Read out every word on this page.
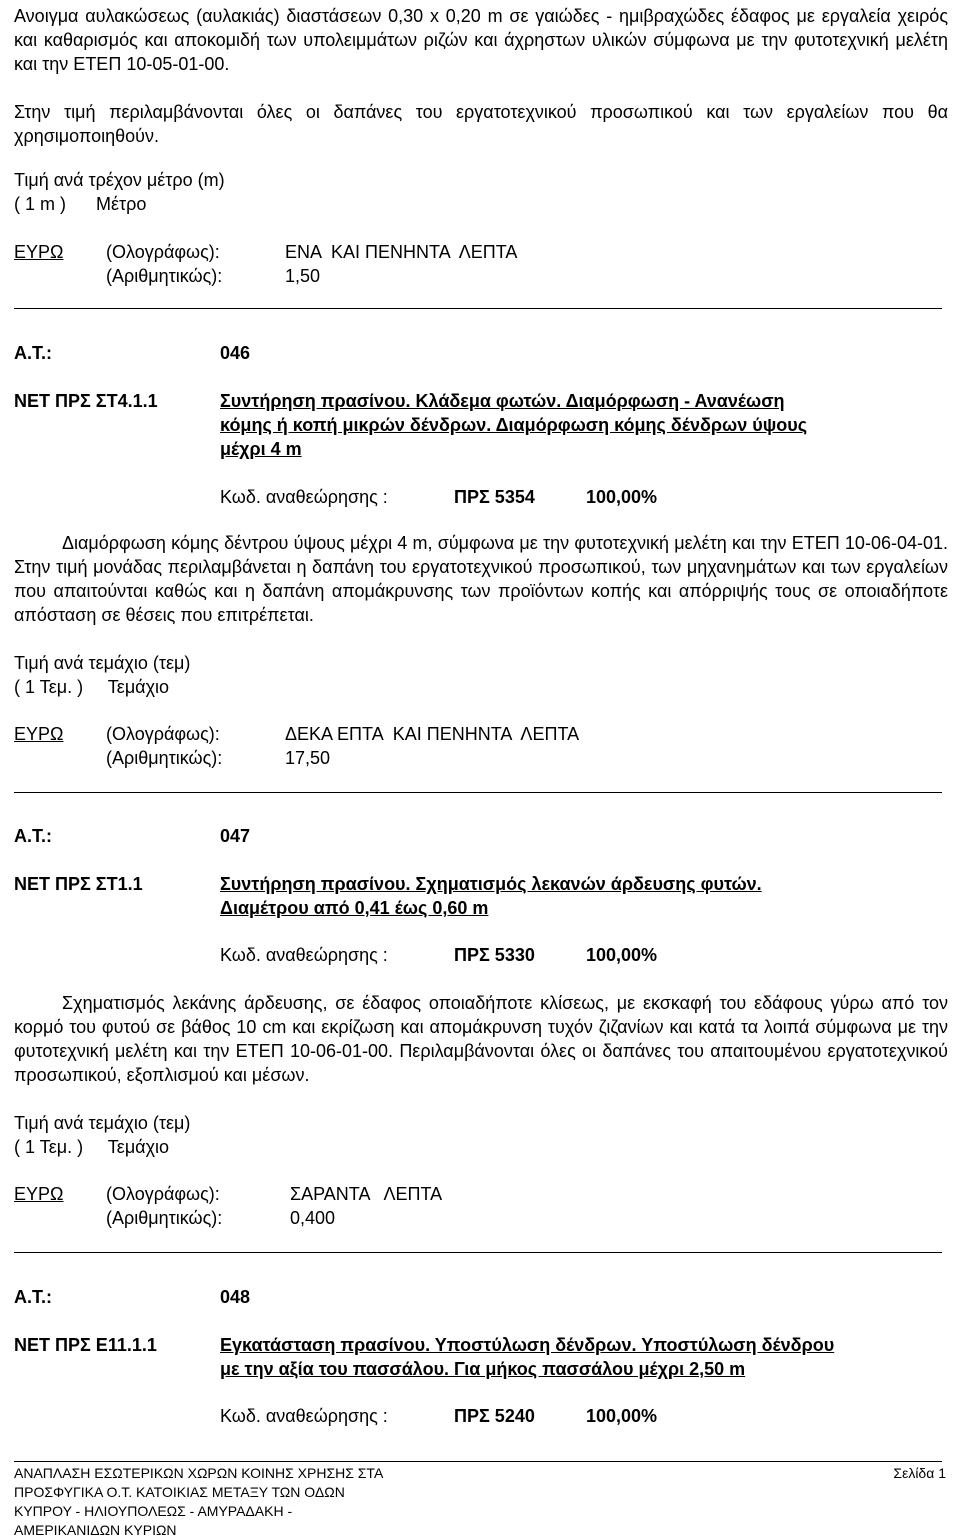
Ανοιγμα αυλακώσεως (αυλακιάς) διαστάσεων 0,30 x 0,20 m σε γαιώδες - ημιβραχώδες έδαφος με εργαλεία χειρός και καθαρισμός και αποκομιδή των υπολειμμάτων ριζών και άχρηστων υλικών σύμφωνα με την φυτοτεχνική μελέτη και την ΕΤΕΠ 10-05-01-00.
Στην τιμή περιλαμβάνονται όλες οι δαπάνες του εργατοτεχνικού προσωπικού και των εργαλείων που θα χρησιμοποιηθούν.
Τιμή ανά τρέχον μέτρο (m)
( 1 m )      Μέτρο
ΕΥΡΩ (Ολογράφως):	ΕΝΑ  ΚΑΙ ΠΕΝΗΝΤΑ  ΛΕΠΤΑ
(Αριθμητικώς):	1,50
Α.Τ.:	046
ΝΕΤ ΠΡΣ ΣΤ4.1.1	Συντήρηση πρασίνου. Κλάδεμα φωτών. Διαμόρφωση - Ανανέωση
κόμης ή κοπή μικρών δένδρων. Διαμόρφωση κόμης δένδρων ύψους
μέχρι 4 m
Κωδ. αναθεώρησης :	ΠΡΣ 5354	100,00%
Διαμόρφωση κόμης δέντρου ύψους μέχρι 4 m, σύμφωνα με την φυτοτεχνική μελέτη και την ΕΤΕΠ 10-06-04-01. Στην τιμή μονάδας περιλαμβάνεται η δαπάνη του εργατοτεχνικού προσωπικού, των μηχανημάτων και των εργαλείων που απαιτούνται καθώς και η δαπάνη απομάκρυνσης των προϊόντων κοπής και απόρριψής τους σε οποιαδήποτε απόσταση σε θέσεις που επιτρέπεται.
Τιμή ανά τεμάχιο (τεμ)
( 1 Τεμ. )     Τεμάχιο
ΕΥΡΩ (Ολογράφως):	ΔΕΚΑ ΕΠΤΑ  ΚΑΙ ΠΕΝΗΝΤΑ  ΛΕΠΤΑ
(Αριθμητικώς):	17,50
Α.Τ.:	047
ΝΕΤ ΠΡΣ ΣΤ1.1	Συντήρηση πρασίνου. Σχηματισμός λεκανών άρδευσης φυτών.
Διαμέτρου από 0,41 έως 0,60 m
Κωδ. αναθεώρησης :	ΠΡΣ 5330	100,00%
Σχηματισμός λεκάνης άρδευσης, σε έδαφος οποιαδήποτε κλίσεως, με εκσκαφή του εδάφους γύρω από τον κορμό του φυτού σε βάθος 10 cm και εκρίζωση και απομάκρυνση τυχόν ζιζανίων και κατά τα λοιπά σύμφωνα με την φυτοτεχνική μελέτη και την ΕΤΕΠ 10-06-01-00. Περιλαμβάνονται όλες οι δαπάνες του απαιτουμένου εργατοτεχνικού προσωπικού, εξοπλισμού και μέσων.
Τιμή ανά τεμάχιο (τεμ)
( 1 Τεμ. )     Τεμάχιο
ΕΥΡΩ (Ολογράφως):	ΣΑΡΑΝΤΑ   ΛΕΠΤΑ
(Αριθμητικώς):	0,400
Α.Τ.:	048
ΝΕΤ ΠΡΣ Ε11.1.1	Εγκατάσταση πρασίνου. Υποστύλωση δένδρων. Υποστύλωση δένδρου
με την αξία του πασσάλου. Για μήκος πασσάλου μέχρι 2,50 m
Κωδ. αναθεώρησης :	ΠΡΣ 5240	100,00%
ΑΝΑΠΛΑΣΗ ΕΣΩΤΕΡΙΚΩΝ ΧΩΡΩΝ ΚΟΙΝΗΣ ΧΡΗΣΗΣ ΣΤΑ
ΠΡΟΣΦΥΓΙΚΑ Ο.Τ. ΚΑΤΟΙΚΙΑΣ ΜΕΤΑΞΥ ΤΩΝ ΟΔΩΝ
ΚΥΠΡΟΥ - ΗΛΙΟΥΠΟΛΕΩΣ - ΑΜΥΡΑΔΑΚΗ -
ΑΜΕΡΙΚΑΝΙΔΩΝ ΚΥΡΙΩΝ
Σελίδα 1
